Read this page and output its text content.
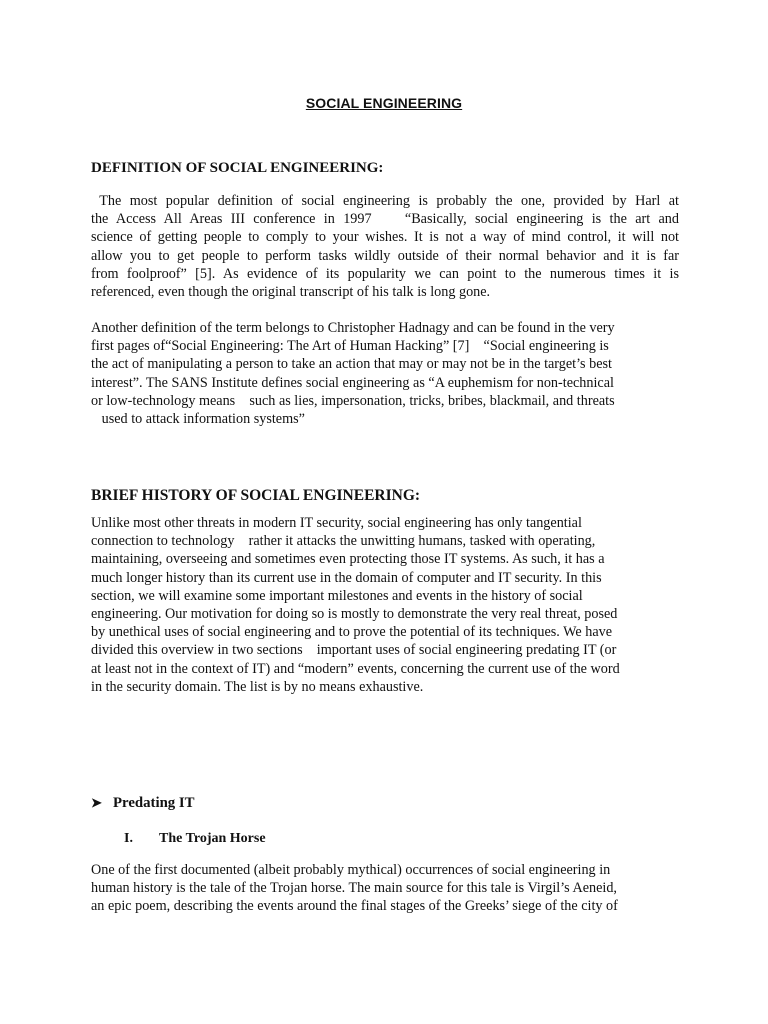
SOCIAL ENGINEERING
DEFINITION OF SOCIAL ENGINEERING:
The most popular definition of social engineering is probably the one, provided by Harl at
the Access All Areas III conference in 1997    “Basically, social engineering is the art and
science of getting people to comply to your wishes. It is not a way of mind control, it will not
allow you to get people to perform tasks wildly outside of their normal behavior and it is far
from foolproof” [5]. As evidence of its popularity we can point to the numerous times it is
referenced, even though the original transcript of his talk is long gone.
Another definition of the term belongs to Christopher Hadnagy and can be found in the very
first pages of“Social Engineering: The Art of Human Hacking” [7]    “Social engineering is
the act of manipulating a person to take an action that may or may not be in the target’s best
interest”. The SANS Institute defines social engineering as “A euphemism for non-technical
or low-technology means    such as lies, impersonation, tricks, bribes, blackmail, and threats
used to attack information systems”
BRIEF HISTORY OF SOCIAL ENGINEERING:
Unlike most other threats in modern IT security, social engineering has only tangential
connection to technology    rather it attacks the unwitting humans, tasked with operating,
maintaining, overseeing and sometimes even protecting those IT systems. As such, it has a
much longer history than its current use in the domain of computer and IT security. In this
section, we will examine some important milestones and events in the history of social
engineering. Our motivation for doing so is mostly to demonstrate the very real threat, posed
by unethical uses of social engineering and to prove the potential of its techniques. We have
divided this overview in two sections    important uses of social engineering predating IT (or
at least not in the context of IT) and “modern” events, concerning the current use of the word
in the security domain. The list is by no means exhaustive.
➤ Predating IT
I. The Trojan Horse
One of the first documented (albeit probably mythical) occurrences of social engineering in
human history is the tale of the Trojan horse. The main source for this tale is Virgil’s Aeneid,
an epic poem, describing the events around the final stages of the Greeks’ siege of the city of
